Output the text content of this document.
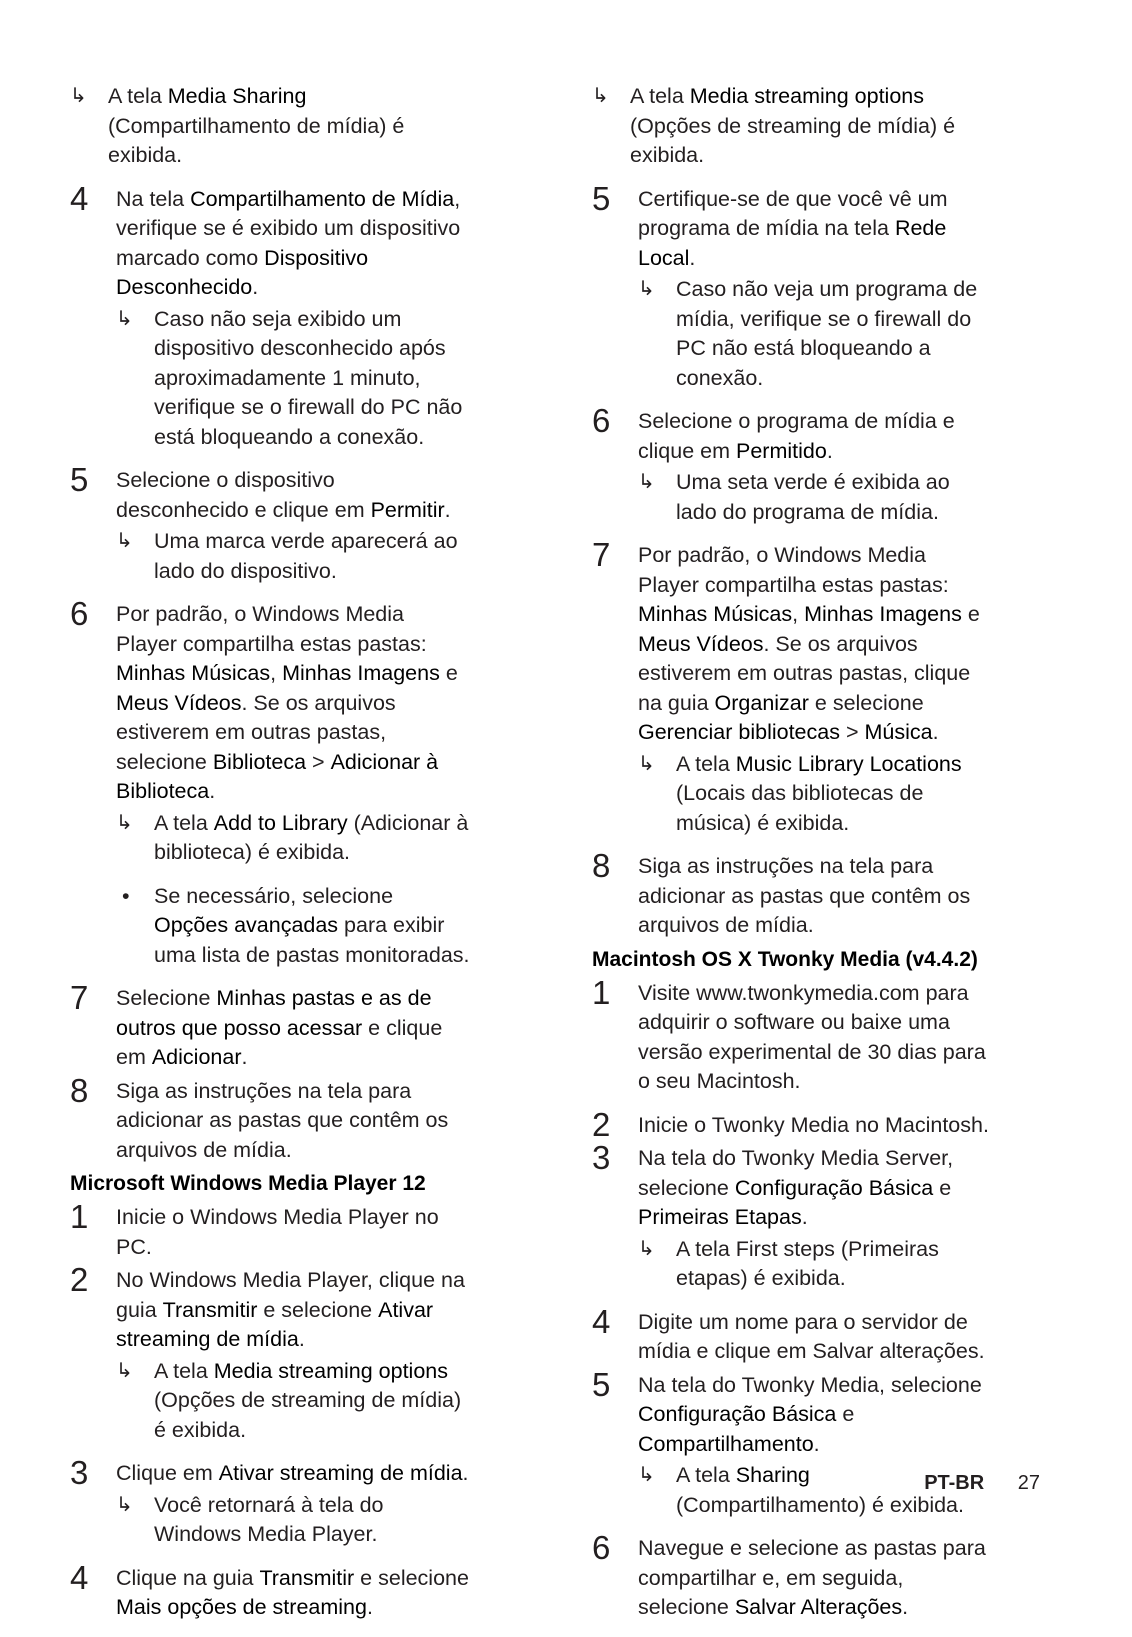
↳ A tela Media Sharing (Compartilhamento de mídia) é exibida.
4 Na tela Compartilhamento de Mídia, verifique se é exibido um dispositivo marcado como Dispositivo Desconhecido.
↳ Caso não seja exibido um dispositivo desconhecido após aproximadamente 1 minuto, verifique se o firewall do PC não está bloqueando a conexão.
5 Selecione o dispositivo desconhecido e clique em Permitir.
↳ Uma marca verde aparecerá ao lado do dispositivo.
6 Por padrão, o Windows Media Player compartilha estas pastas: Minhas Músicas, Minhas Imagens e Meus Vídeos. Se os arquivos estiverem em outras pastas, selecione Biblioteca > Adicionar à Biblioteca.
↳ A tela Add to Library (Adicionar à biblioteca) é exibida.
• Se necessário, selecione Opções avançadas para exibir uma lista de pastas monitoradas.
7 Selecione Minhas pastas e as de outros que posso acessar e clique em Adicionar.
8 Siga as instruções na tela para adicionar as pastas que contêm os arquivos de mídia.
Microsoft Windows Media Player 12
1 Inicie o Windows Media Player no PC.
2 No Windows Media Player, clique na guia Transmitir e selecione Ativar streaming de mídia.
↳ A tela Media streaming options (Opções de streaming de mídia) é exibida.
3 Clique em Ativar streaming de mídia.
↳ Você retornará à tela do Windows Media Player.
4 Clique na guia Transmitir e selecione Mais opções de streaming.
↳ A tela Media streaming options (Opções de streaming de mídia) é exibida.
5 Certifique-se de que você vê um programa de mídia na tela Rede Local.
↳ Caso não veja um programa de mídia, verifique se o firewall do PC não está bloqueando a conexão.
6 Selecione o programa de mídia e clique em Permitido.
↳ Uma seta verde é exibida ao lado do programa de mídia.
7 Por padrão, o Windows Media Player compartilha estas pastas: Minhas Músicas, Minhas Imagens e Meus Vídeos. Se os arquivos estiverem em outras pastas, clique na guia Organizar e selecione Gerenciar bibliotecas > Música.
↳ A tela Music Library Locations (Locais das bibliotecas de música) é exibida.
8 Siga as instruções na tela para adicionar as pastas que contêm os arquivos de mídia.
Macintosh OS X Twonky Media (v4.4.2)
1 Visite www.twonkymedia.com para adquirir o software ou baixe uma versão experimental de 30 dias para o seu Macintosh.
2 Inicie o Twonky Media no Macintosh.
3 Na tela do Twonky Media Server, selecione Configuração Básica e Primeiras Etapas.
↳ A tela First steps (Primeiras etapas) é exibida.
4 Digite um nome para o servidor de mídia e clique em Salvar alterações.
5 Na tela do Twonky Media, selecione Configuração Básica e Compartilhamento.
↳ A tela Sharing (Compartilhamento) é exibida.
6 Navegue e selecione as pastas para compartilhar e, em seguida, selecione Salvar Alterações.
PT-BR 27
